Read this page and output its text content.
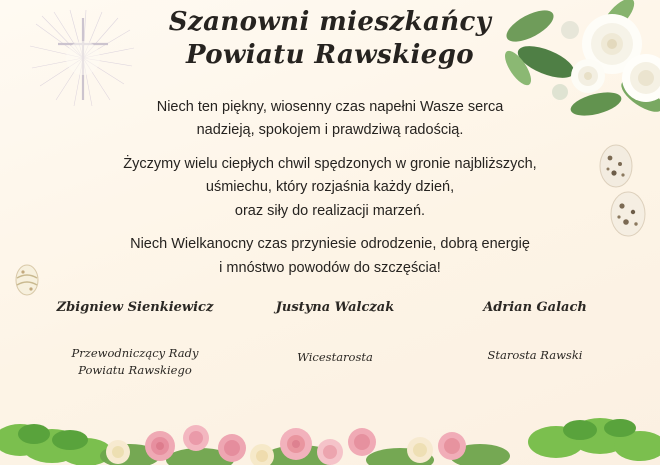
Szanowni mieszkańcy
Powiatu Rawskiego

Niech ten piękny, wiosenny czas napełni Wasze serca
nadzieją, spokojem i prawdziwą radością.

Życzymy wielu ciepłych chwil spędzonych w gronie najbliższych,
uśmiechu, który rozjaśnia każdy dzień,
oraz siły do realizacji marzeń.

Niech Wielkanocny czas przyniesie odrodzenie, dobrą energię
i mnóstwo powodów do szczęścia!

Zbigniew Sienkiewicz
Przewodniczący Rady
Powiatu Rawskiego
Justyna Walczak
Wicestarosta
Adrian Galach
Starosta Rawski
